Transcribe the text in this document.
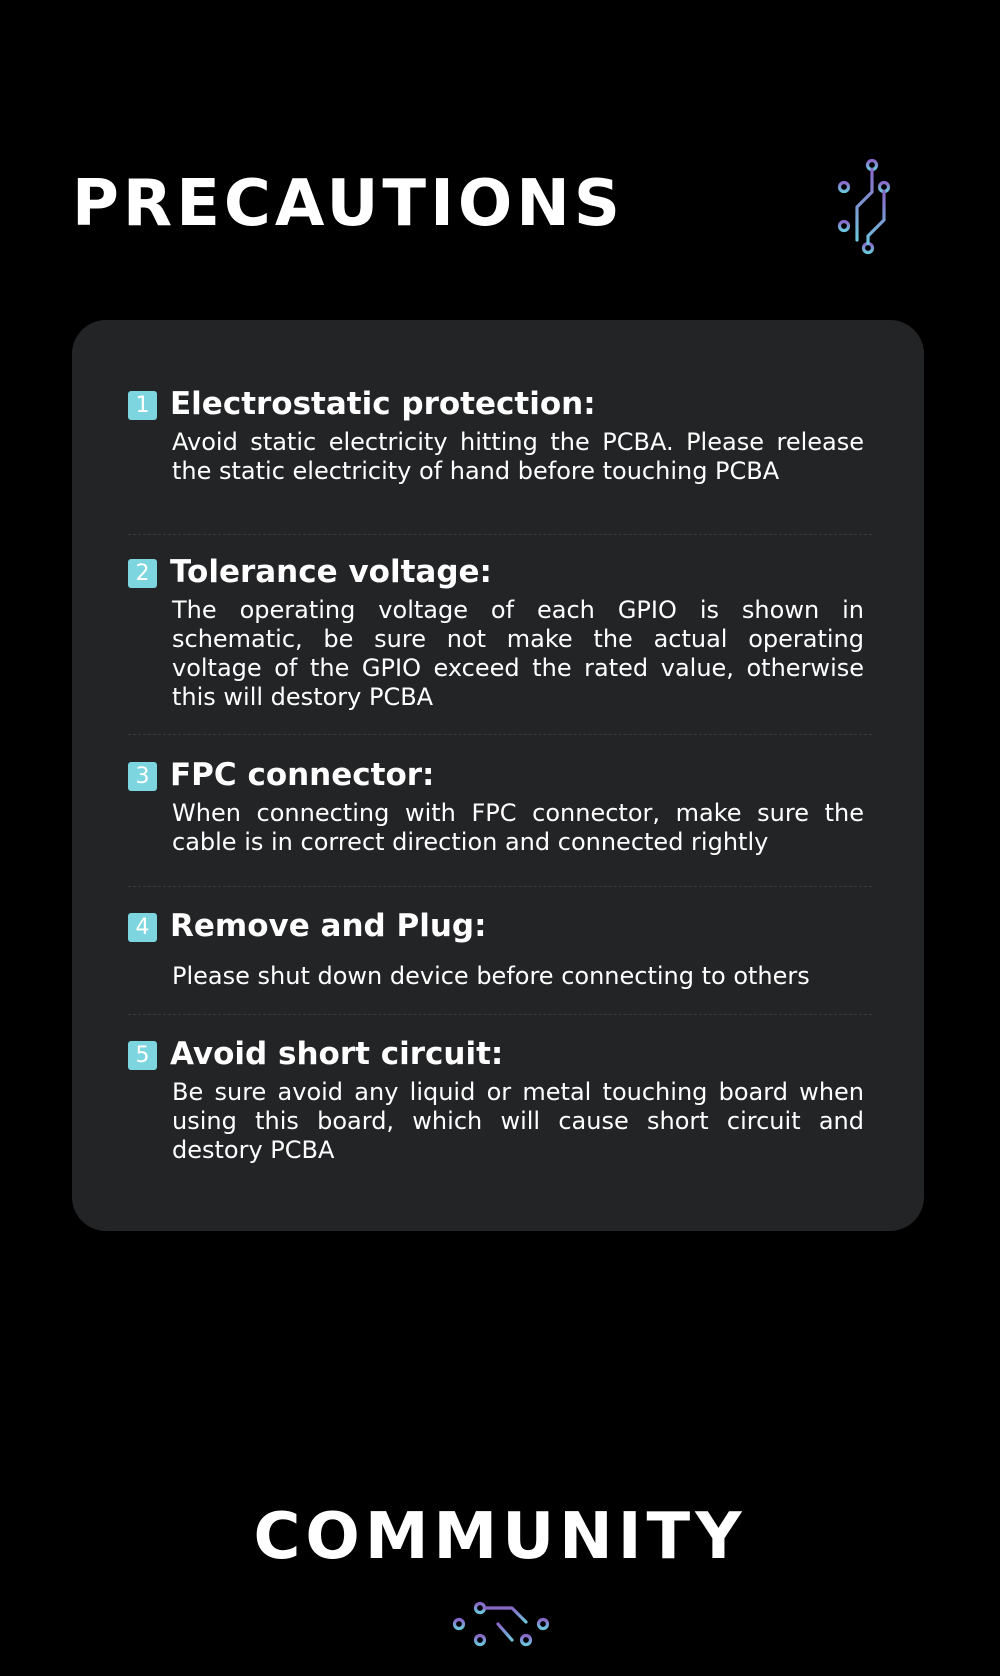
PRECAUTIONS
1 Electrostatic protection:
Avoid static electricity hitting the PCBA. Please release the static electricity of hand before touching PCBA
2 Tolerance voltage:
The operating voltage of each GPIO is shown in schematic, be sure not make the actual operating voltage of the GPIO exceed the rated value, otherwise this will destory PCBA
3 FPC connector:
When connecting with FPC connector, make sure the cable is in correct direction and connected rightly
4 Remove and Plug:
Please shut down device before connecting to others
5 Avoid short circuit:
Be sure avoid any liquid or metal touching board when using this board, which will cause short circuit and destory PCBA
COMMUNITY
